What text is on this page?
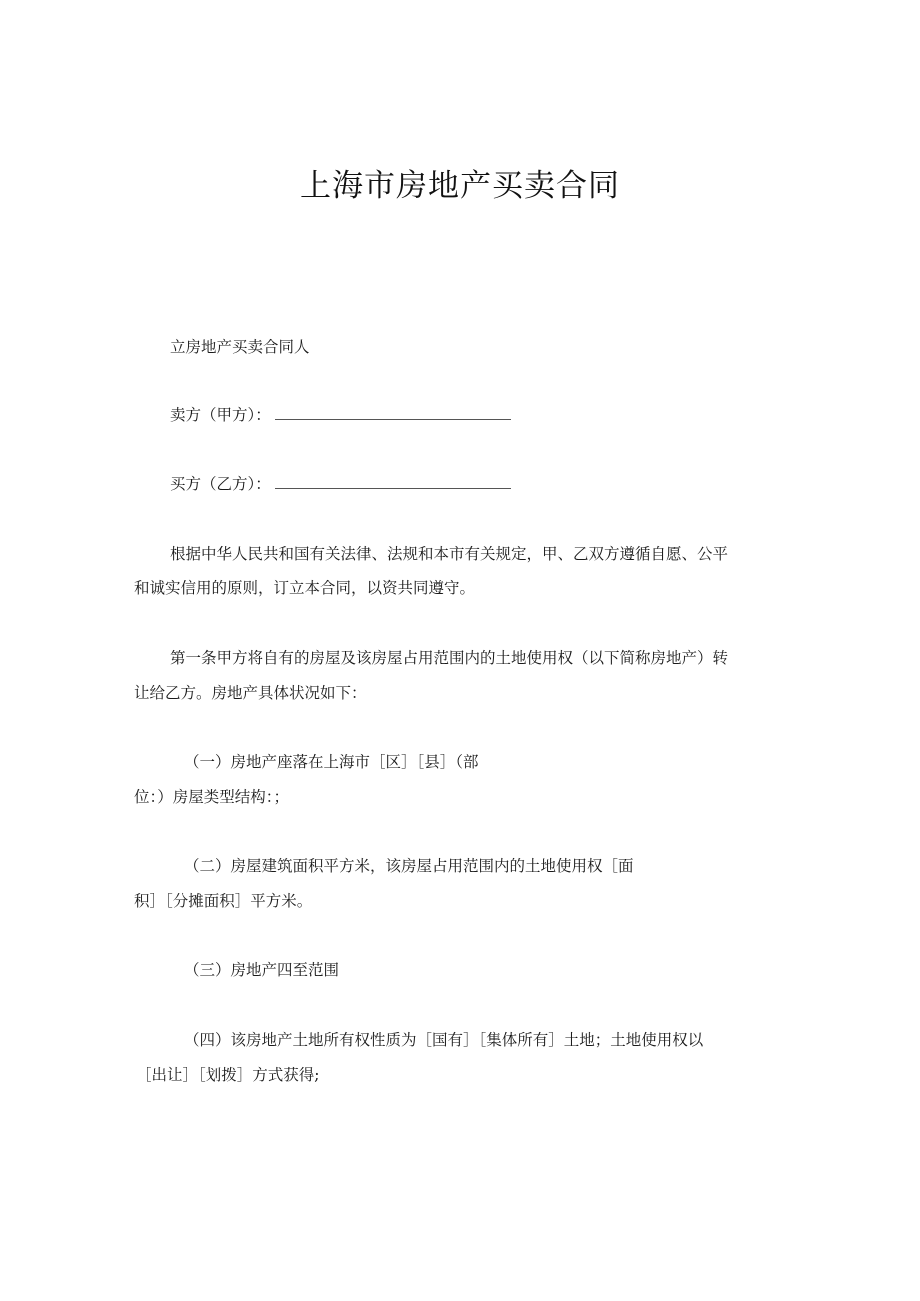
上海市房地产买卖合同
立房地产买卖合同人
卖方（甲方）：
买方（乙方）：
根据中华人民共和国有关法律、法规和本市有关规定，甲、乙双方遵循自愿、公平
和诚实信用的原则，订立本合同，以资共同遵守。
第一条甲方将自有的房屋及该房屋占用范围内的土地使用权（以下简称房地产）转
让给乙方。房地产具体状况如下：
（一）房地产座落在上海市［区］［县］（部
位：）房屋类型结构：；
（二）房屋建筑面积平方米，该房屋占用范围内的土地使用权［面
积］［分摊面积］平方米。
（三）房地产四至范围
（四）该房地产土地所有权性质为［国有］［集体所有］土地；土地使用权以
［出让］［划拨］方式获得;
